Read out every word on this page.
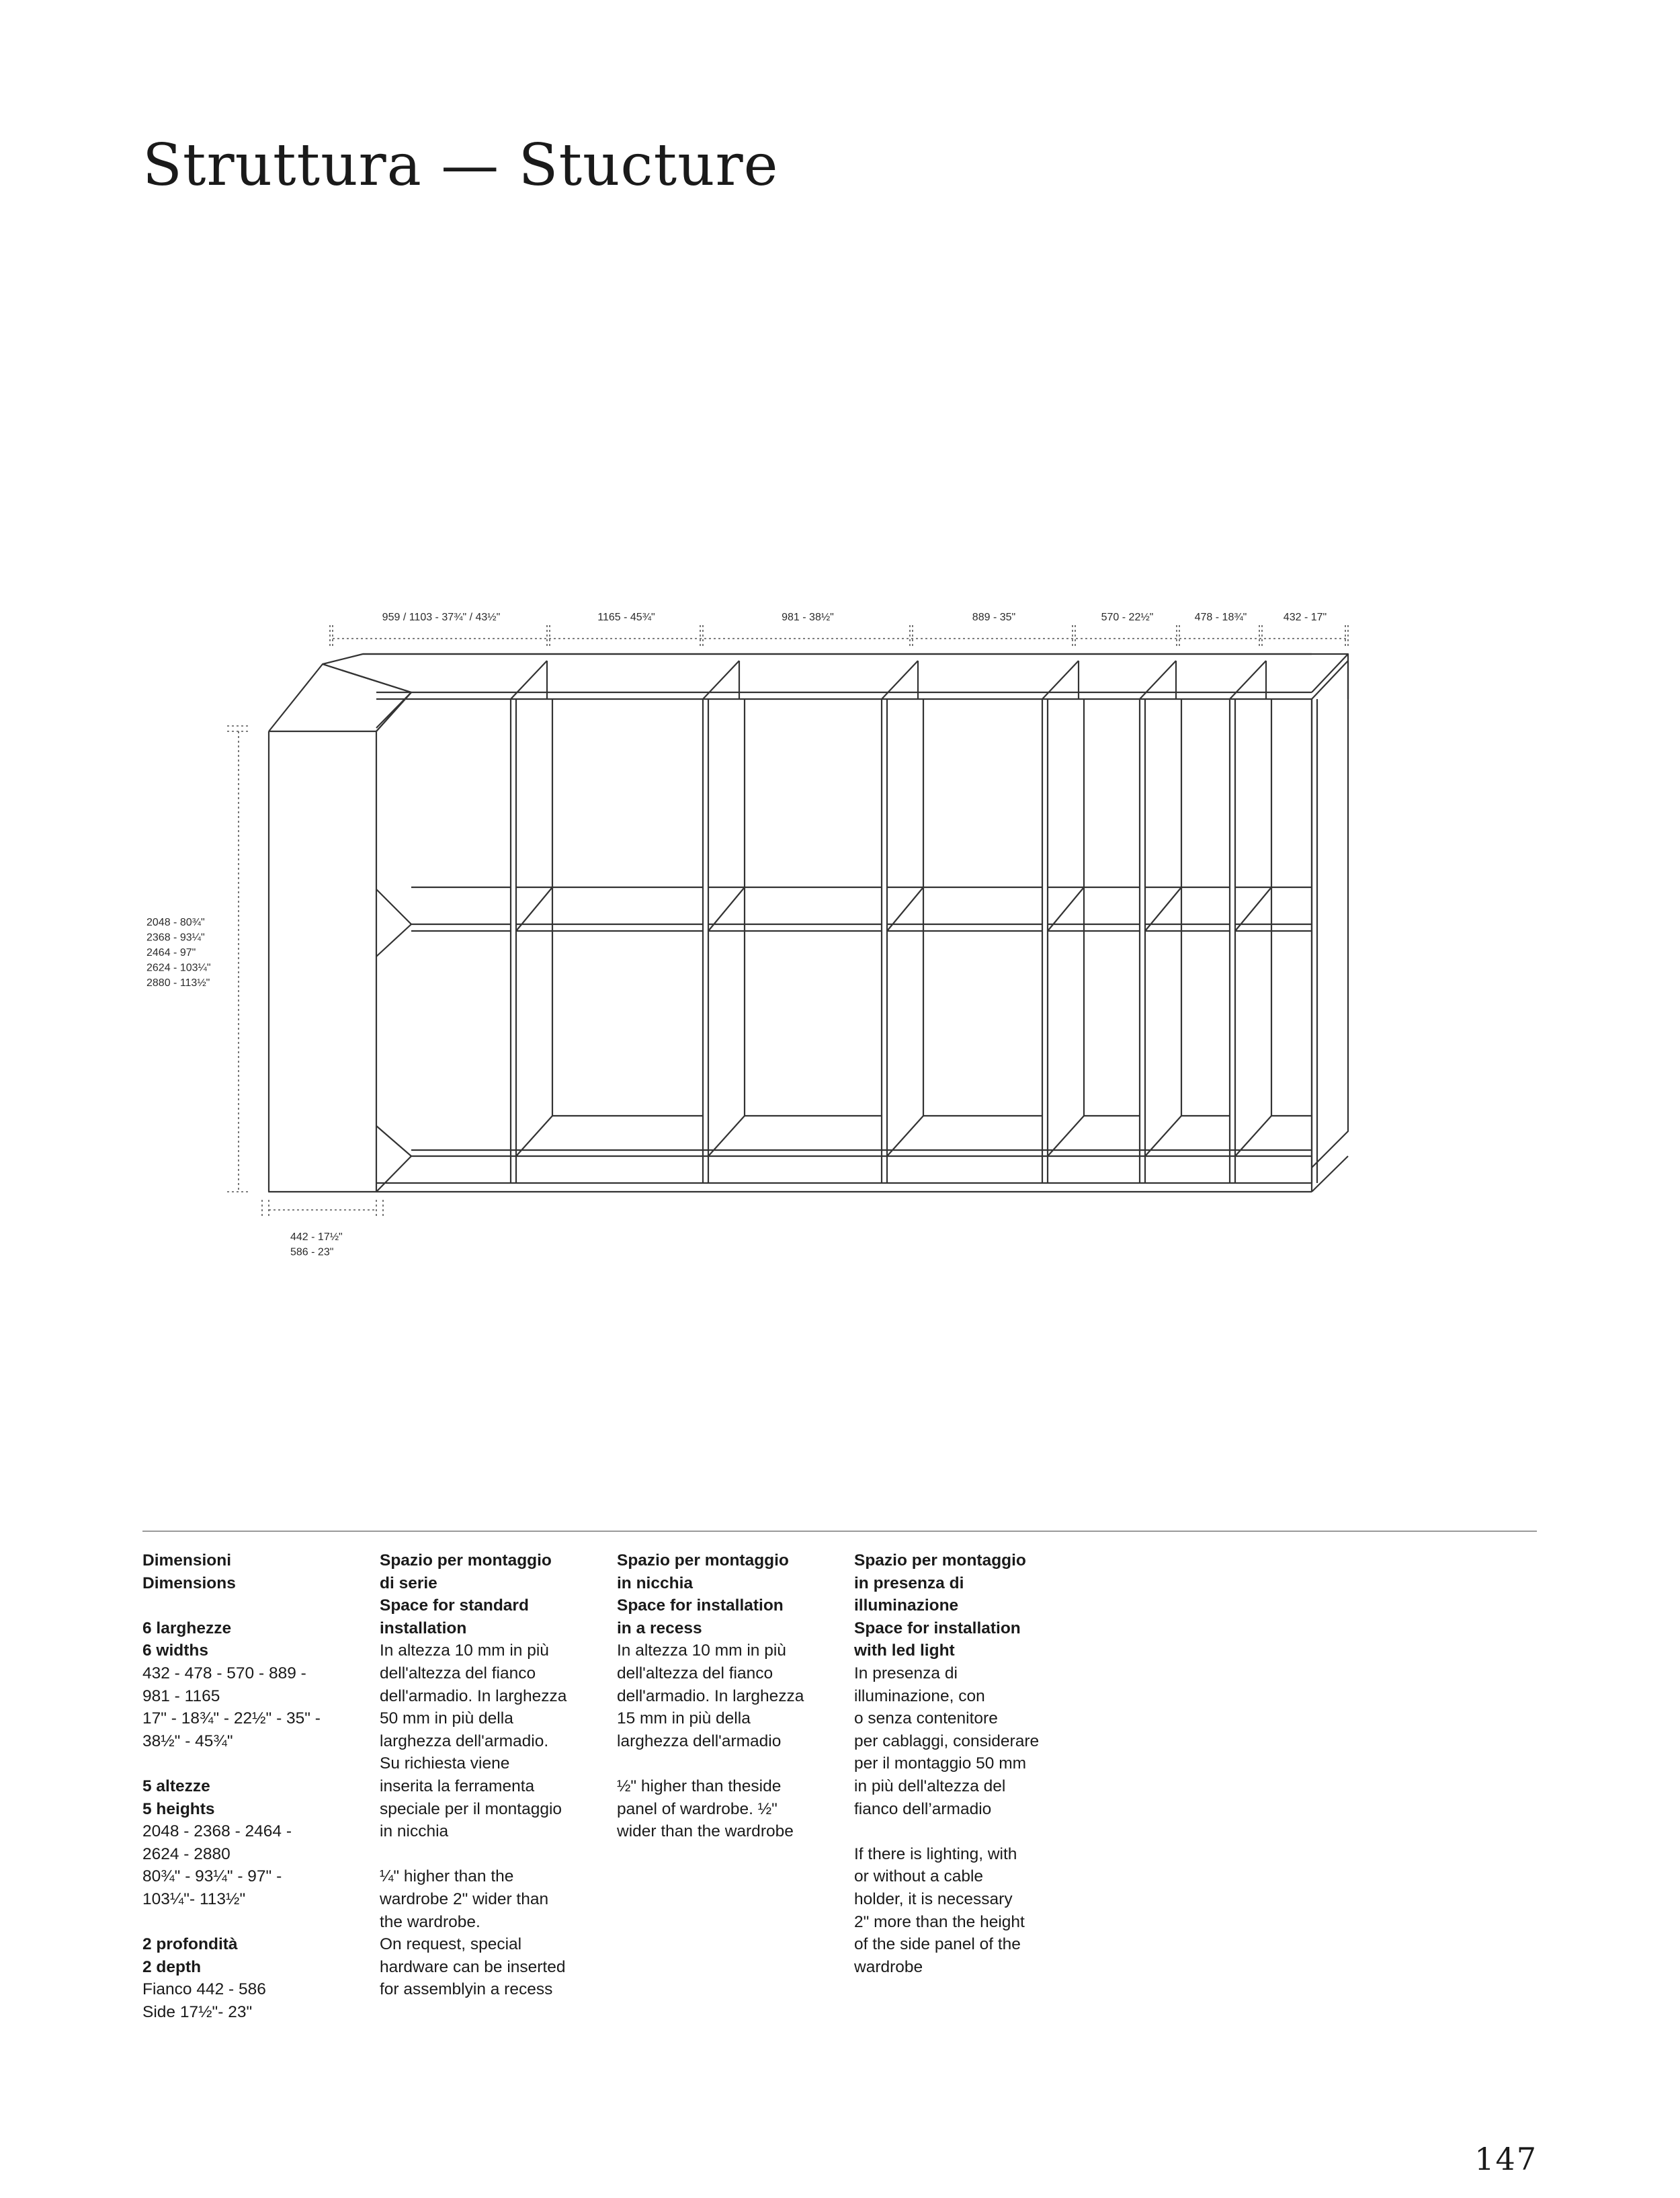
Struttura — Stucture
959 / 1103 - 37¾" / 43½"	1165 - 45¾"	981 - 38½"	889 - 35"	570 - 22½"	478 - 18¾"	432 - 17"
2048 - 80¾"
2368 - 93¼"
2464 - 97"
2624 - 103¼"
2880 - 113½"
442 - 17½"
586 - 23"

Dimensioni
Dimensions

6 larghezze
6 widths
432 - 478 - 570 - 889 -
981 - 1165
17" - 18¾" - 22½" - 35" -
38½" - 45¾"

5 altezze
5 heights
2048 - 2368 - 2464 -
2624 - 2880
80¾" - 93¼" - 97" -
103¼"- 113½"

2 profondità
2 depth
Fianco 442 - 586
Side 17½"- 23"

Spazio per montaggio
di serie
Space for standard
installation
In altezza 10 mm in più
dell'altezza del fianco
dell'armadio. In larghezza
50 mm in più della
larghezza dell'armadio.
Su richiesta viene
inserita la ferramenta
speciale per il montaggio
in nicchia

¼" higher than the
wardrobe 2" wider than
the wardrobe.
On request, special
hardware can be inserted
for assemblyin a recess

Spazio per montaggio
in nicchia
Space for installation
in a recess
In altezza 10 mm in più
dell'altezza del fianco
dell'armadio. In larghezza
15 mm in più della
larghezza dell'armadio

½" higher than theside
panel of wardrobe. ½"
wider than the wardrobe

Spazio per montaggio
in presenza di
illuminazione
Space for installation
with led light
In presenza di
illuminazione, con
o senza contenitore
per cablaggi, considerare
per il montaggio 50 mm
in più dell'altezza del
fianco dell’armadio

If there is lighting, with
or without a cable
holder, it is necessary
2" more than the height
of the side panel of the
wardrobe

147
